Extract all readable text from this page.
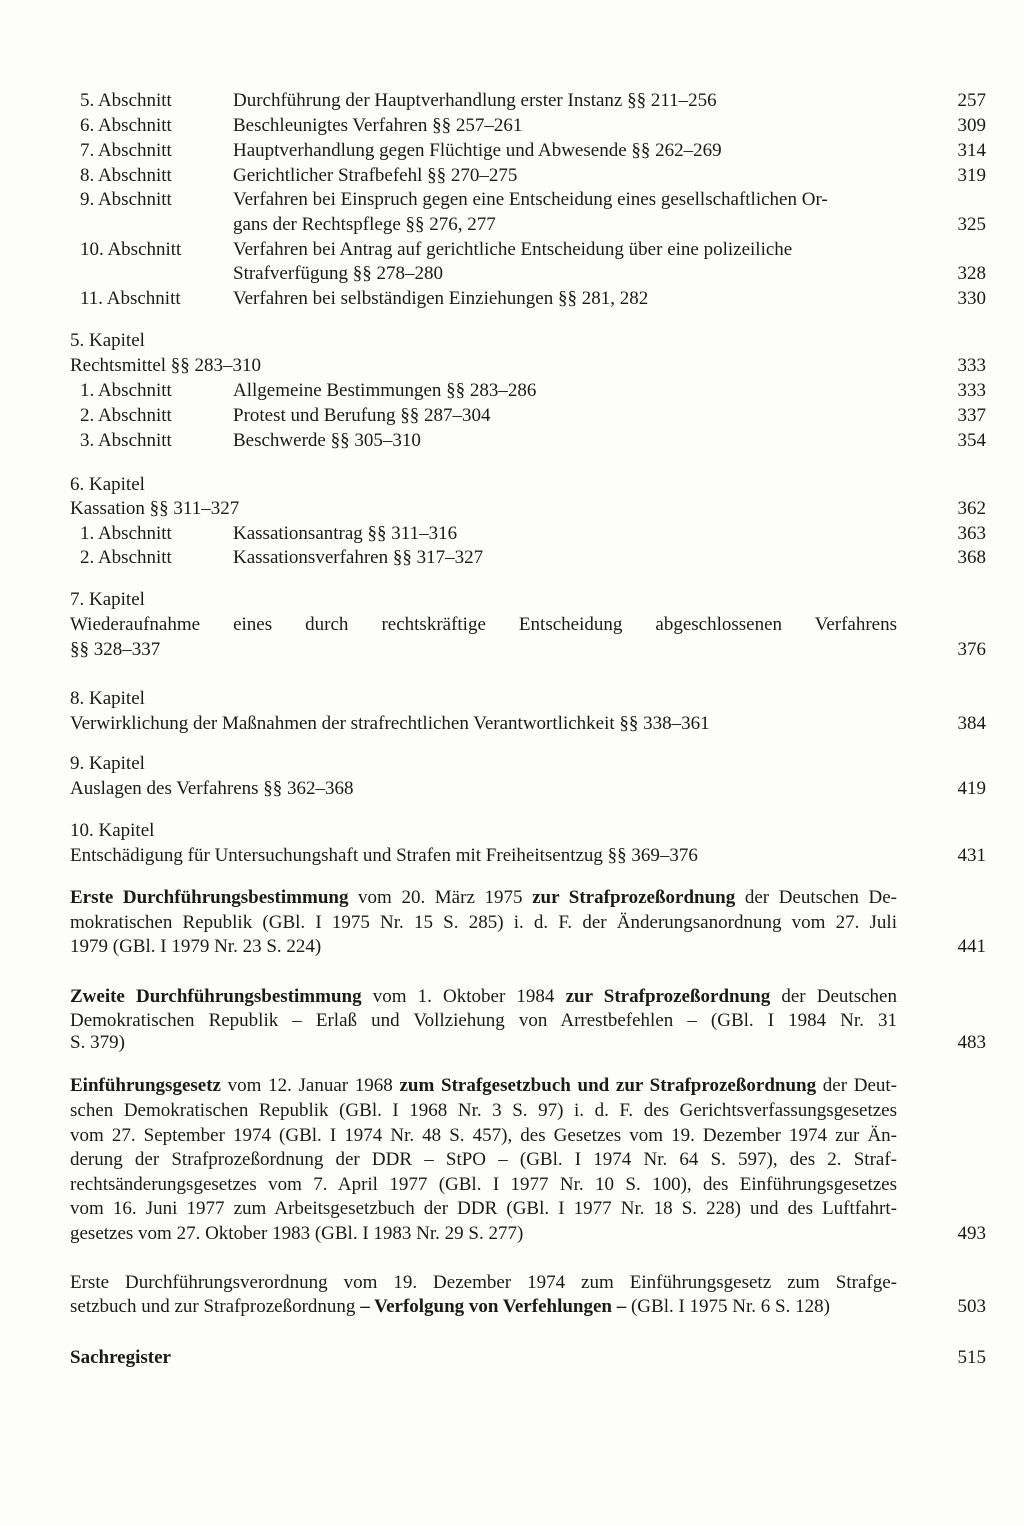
5. Abschnitt	Durchführung der Hauptverhandlung erster Instanz §§ 211–256	257
6. Abschnitt	Beschleunigtes Verfahren §§ 257–261	309
7. Abschnitt	Hauptverhandlung gegen Flüchtige und Abwesende §§ 262–269	314
8. Abschnitt	Gerichtlicher Strafbefehl §§ 270–275	319
9. Abschnitt	Verfahren bei Einspruch gegen eine Entscheidung eines gesellschaftlichen Or-
gans der Rechtspflege §§ 276, 277	325
10. Abschnitt	Verfahren bei Antrag auf gerichtliche Entscheidung über eine polizeiliche
Strafverfügung §§ 278–280	328
11. Abschnitt	Verfahren bei selbständigen Einziehungen §§ 281, 282	330
5. Kapitel
Rechtsmittel §§ 283–310	333
1. Abschnitt	Allgemeine Bestimmungen §§ 283–286	333
2. Abschnitt	Protest und Berufung §§ 287–304	337
3. Abschnitt	Beschwerde §§ 305–310	354
6. Kapitel
Kassation §§ 311–327	362
1. Abschnitt	Kassationsantrag §§ 311–316	363
2. Abschnitt	Kassationsverfahren §§ 317–327	368
7. Kapitel
Wiederaufnahme eines durch rechtskräftige Entscheidung abgeschlossenen Verfahrens
§§ 328–337	376
8. Kapitel
Verwirklichung der Maßnahmen der strafrechtlichen Verantwortlichkeit §§ 338–361	384
9. Kapitel
Auslagen des Verfahrens §§ 362–368	419
10. Kapitel
Entschädigung für Untersuchungshaft und Strafen mit Freiheitsentzug §§ 369–376	431
Erste Durchführungsbestimmung vom 20. März 1975 zur Strafprozeßordnung der Deutschen De-
mokratischen Republik (GBl. I 1975 Nr. 15 S. 285) i. d. F. der Änderungsanordnung vom 27. Juli
1979 (GBl. I 1979 Nr. 23 S. 224)	441
Zweite Durchführungsbestimmung vom 1. Oktober 1984 zur Strafprozeßordnung der Deutschen
Demokratischen Republik – Erlaß und Vollziehung von Arrestbefehlen – (GBl. I 1984 Nr. 31
S. 379)	483
Einführungsgesetz vom 12. Januar 1968 zum Strafgesetzbuch und zur Strafprozeßordnung der Deut-
schen Demokratischen Republik (GBl. I 1968 Nr. 3 S. 97) i. d. F. des Gerichtsverfassungsgesetzes
vom 27. September 1974 (GBl. I 1974 Nr. 48 S. 457), des Gesetzes vom 19. Dezember 1974 zur Än-
derung der Strafprozeßordnung der DDR – StPO – (GBl. I 1974 Nr. 64 S. 597), des 2. Straf-
rechtsänderungsgesetzes vom 7. April 1977 (GBl. I 1977 Nr. 10 S. 100), des Einführungsgesetzes
vom 16. Juni 1977 zum Arbeitsgesetzbuch der DDR (GBl. I 1977 Nr. 18 S. 228) und des Luftfahrt-
gesetzes vom 27. Oktober 1983 (GBl. I 1983 Nr. 29 S. 277)	493
Erste Durchführungsverordnung vom 19. Dezember 1974 zum Einführungsgesetz zum Strafge-
setzbuch und zur Strafprozeßordnung – Verfolgung von Verfehlungen – (GBl. I 1975 Nr. 6 S. 128)	503
Sachregister	515
